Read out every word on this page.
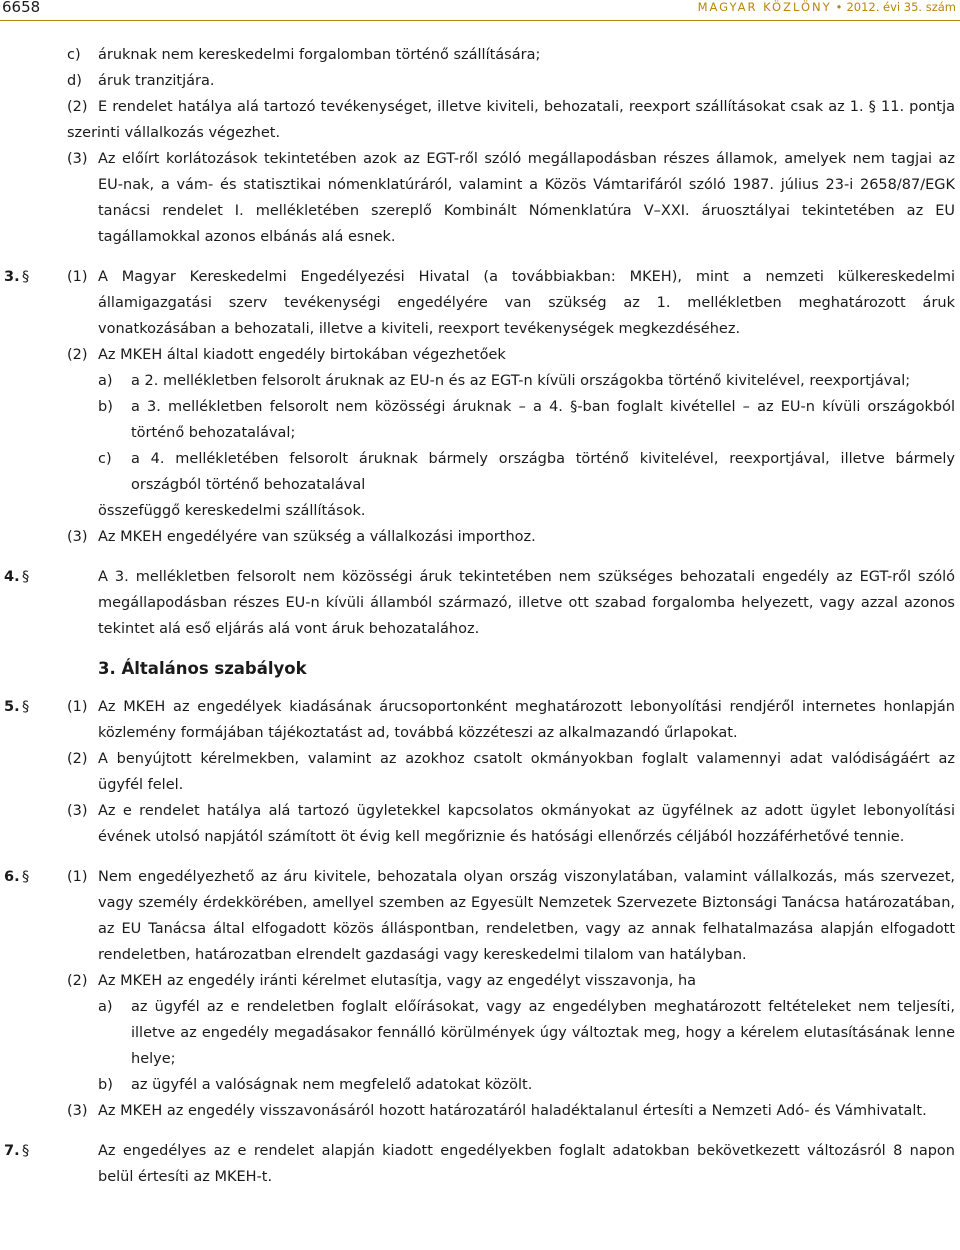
6658	MAGYAR KÖZLÖNY • 2012. évi 35. szám
c) áruknak nem kereskedelmi forgalomban történő szállítására;
d) áruk tranzitjára.
(2) E rendelet hatálya alá tartozó tevékenységet, illetve kiviteli, behozatali, reexport szállításokat csak az 1. § 11. pontja szerinti vállalkozás végezhet.
(3) Az előírt korlátozások tekintetében azok az EGT-ről szóló megállapodásban részes államok, amelyek nem tagjai az EU-nak, a vám- és statisztikai nómenklatúráról, valamint a Közös Vámtarifáról szóló 1987. július 23-i 2658/87/EGK tanácsi rendelet I. mellékletében szereplő Kombinált Nómenklatúra V–XXI. áruosztályai tekintetében az EU tagállamokkal azonos elbánás alá esnek.
3. §	(1) A Magyar Kereskedelmi Engedélyezési Hivatal (a továbbiakban: MKEH), mint a nemzeti külkereskedelmi államigazgatási szerv tevékenységi engedélyére van szükség az 1. mellékletben meghatározott áruk vonatkozásában a behozatali, illetve a kiviteli, reexport tevékenységek megkezdéséhez.
(2) Az MKEH által kiadott engedély birtokában végezhetőek
a) a 2. mellékletben felsorolt áruknak az EU-n és az EGT-n kívüli országokba történő kivitelével, reexportjával;
b) a 3. mellékletben felsorolt nem közösségi áruknak – a 4. §-ban foglalt kivétellel – az EU-n kívüli országokból történő behozatalával;
c) a 4. mellékletében felsorolt áruknak bármely országba történő kivitelével, reexportjával, illetve bármely országból történő behozatalával
összefüggő kereskedelmi szállítások.
(3) Az MKEH engedélyére van szükség a vállalkozási importhoz.
4. §	A 3. mellékletben felsorolt nem közösségi áruk tekintetében nem szükséges behozatali engedély az EGT-ről szóló megállapodásban részes EU-n kívüli államból származó, illetve ott szabad forgalomba helyezett, vagy azzal azonos tekintet alá eső eljárás alá vont áruk behozatalához.
3. Általános szabályok
5. §	(1) Az MKEH az engedélyek kiadásának árucsoportonként meghatározott lebonyolítási rendjéről internetes honlapján közlemény formájában tájékoztatást ad, továbbá közzéteszi az alkalmazandó űrlapokat.
(2) A benyújtott kérelmekben, valamint az azokhoz csatolt okmányokban foglalt valamennyi adat valódiságáért az ügyfél felel.
(3) Az e rendelet hatálya alá tartozó ügyletekkel kapcsolatos okmányokat az ügyfélnek az adott ügylet lebonyolítási évének utolsó napjától számított öt évig kell megőriznie és hatósági ellenőrzés céljából hozzáférhetővé tennie.
6. §	(1) Nem engedélyezhető az áru kivitele, behozatala olyan ország viszonylatában, valamint vállalkozás, más szervezet, vagy személy érdekkörében, amellyel szemben az Egyesült Nemzetek Szervezete Biztonsági Tanácsa határozatában, az EU Tanácsa által elfogadott közös álláspontban, rendeletben, vagy az annak felhatalmazása alapján elfogadott rendeletben, határozatban elrendelt gazdasági vagy kereskedelmi tilalom van hatályban.
(2) Az MKEH az engedély iránti kérelmet elutasítja, vagy az engedélyt visszavonja, ha
a) az ügyfél az e rendeletben foglalt előírásokat, vagy az engedélyben meghatározott feltételeket nem teljesíti, illetve az engedély megadásakor fennálló körülmények úgy változtak meg, hogy a kérelem elutasításának lenne helye;
b) az ügyfél a valóságnak nem megfelelő adatokat közölt.
(3) Az MKEH az engedély visszavonásáról hozott határozatáról haladéktalanul értesíti a Nemzeti Adó- és Vámhivatalt.
7. §	Az engedélyes az e rendelet alapján kiadott engedélyekben foglalt adatokban bekövetkezett változásról 8 napon belül értesíti az MKEH-t.
